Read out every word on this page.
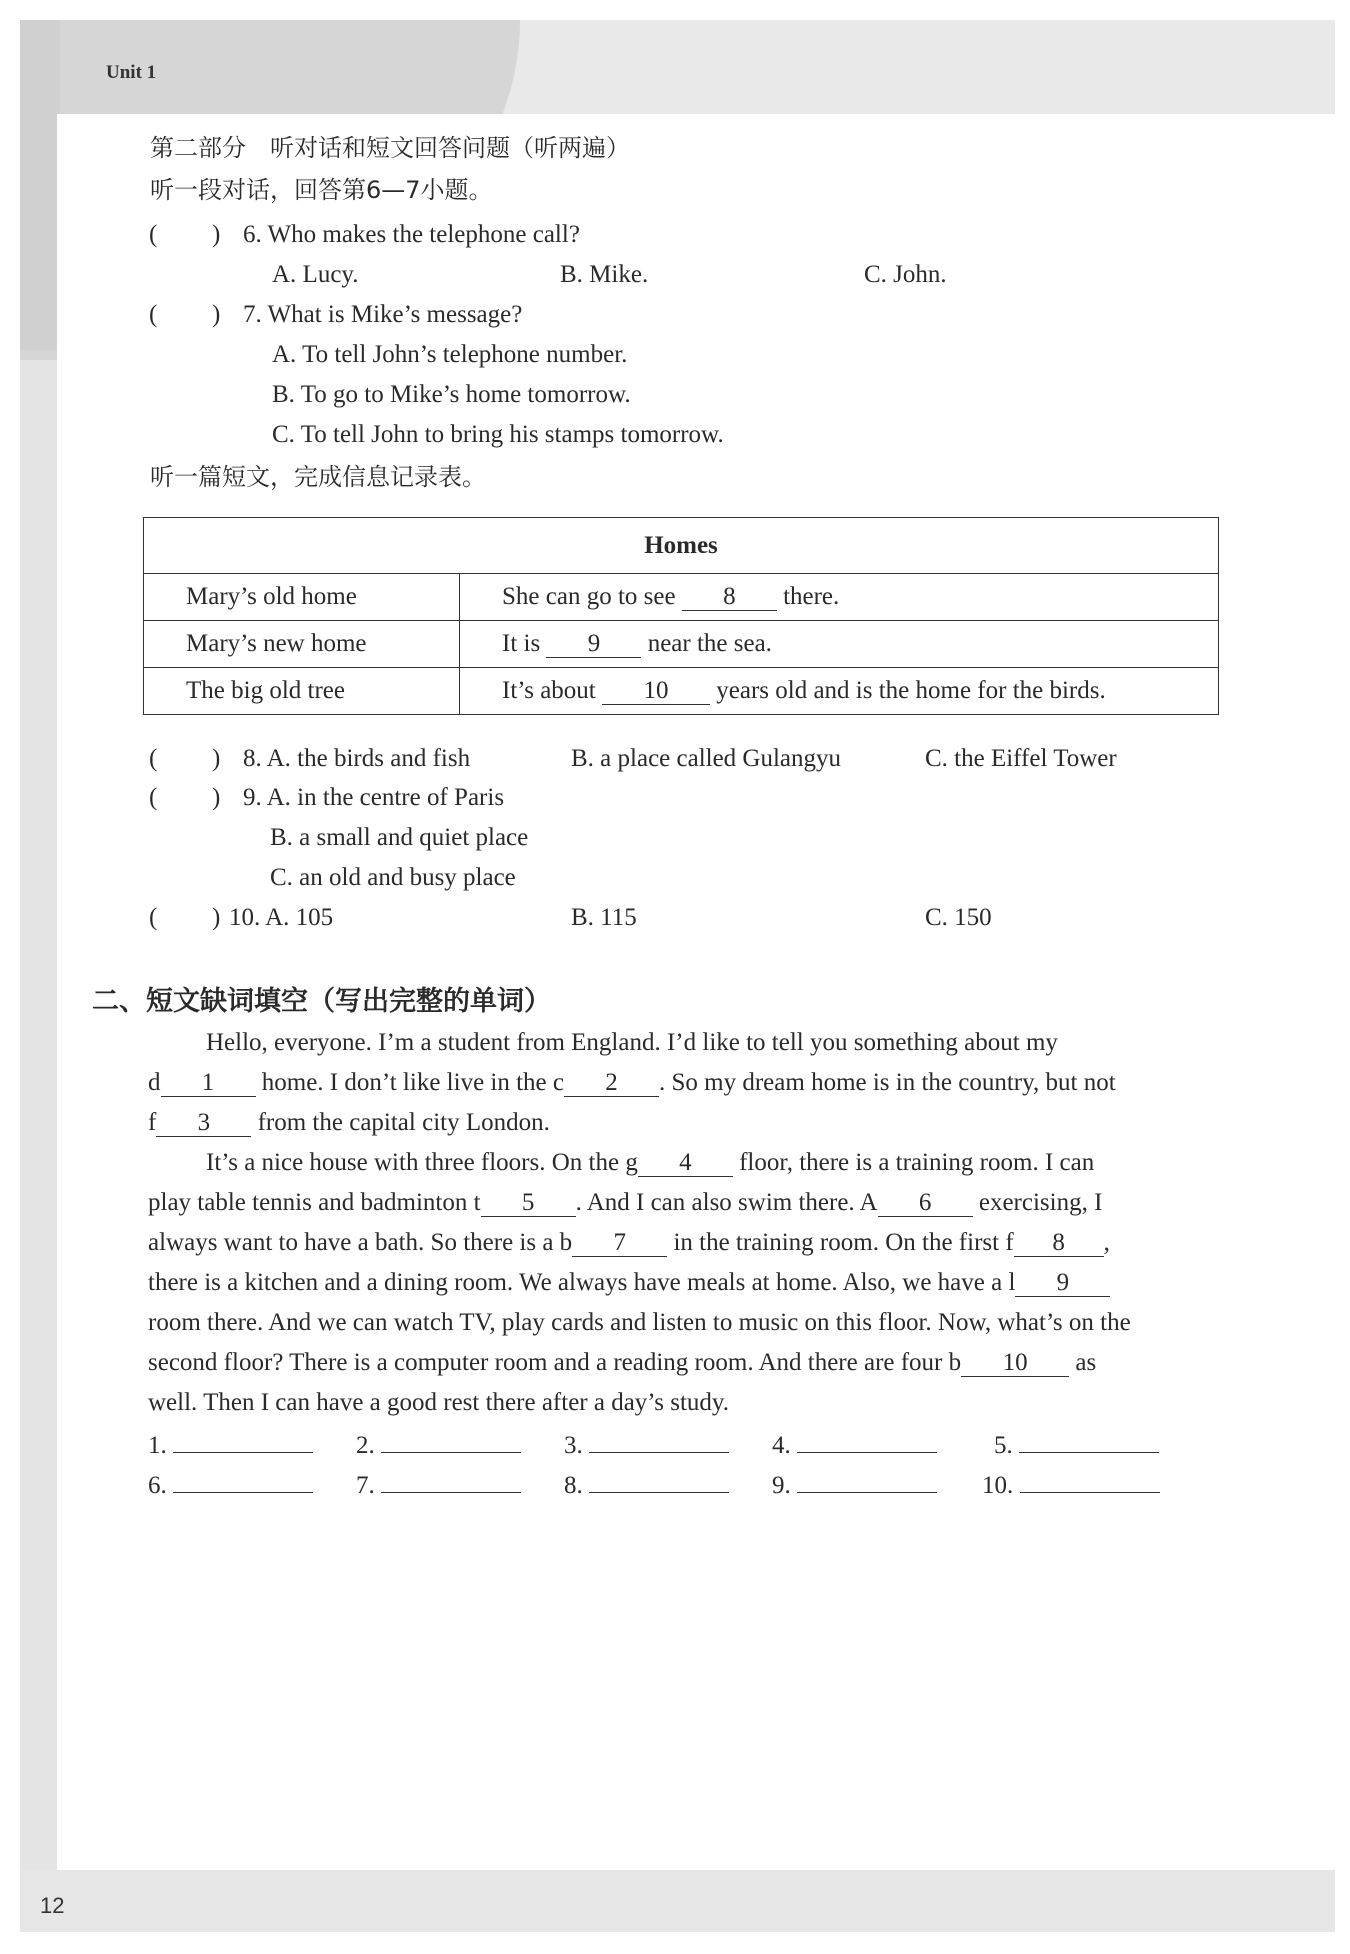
Unit 1
第二部分　听对话和短文回答问题（听两遍）
听一段对话，回答第6—7小题。
( ) 6. Who makes the telephone call?
A. Lucy.	B. Mike.	C. John.
( ) 7. What is Mike’s message?
A. To tell John’s telephone number.
B. To go to Mike’s home tomorrow.
C. To tell John to bring his stamps tomorrow.
听一篇短文，完成信息记录表。
Homes	
Mary’s old home	She can go to see 8 there.
Mary’s new home	It is 9 near the sea.
The big old tree	It’s about 10 years old and is the home for the birds.
( ) 8. A. the birds and fish	B. a place called Gulangyu	C. the Eiffel Tower
( ) 9. A. in the centre of Paris
B. a small and quiet place
C. an old and busy place
( ) 10. A. 105	B. 115	C. 150
二、短文缺词填空（写出完整的单词）
Hello, everyone. I’m a student from England. I’d like to tell you something about my
d 1 home. I don’t like live in the c 2 . So my dream home is in the country, but not
f 3 from the capital city London.
It’s a nice house with three floors. On the g 4 floor, there is a training room. I can
play table tennis and badminton t 5 . And I can also swim there. A 6 exercising, I
always want to have a bath. So there is a b 7 in the training room. On the first f 8 ,
there is a kitchen and a dining room. We always have meals at home. Also, we have a l 9
room there. And we can watch TV, play cards and listen to music on this floor. Now, what’s on the
second floor? There is a computer room and a reading room. And there are four b 10 as
well. Then I can have a good rest there after a day’s study.
1.	2.	3.	4.	5.
6.	7.	8.	9.	10.
12
